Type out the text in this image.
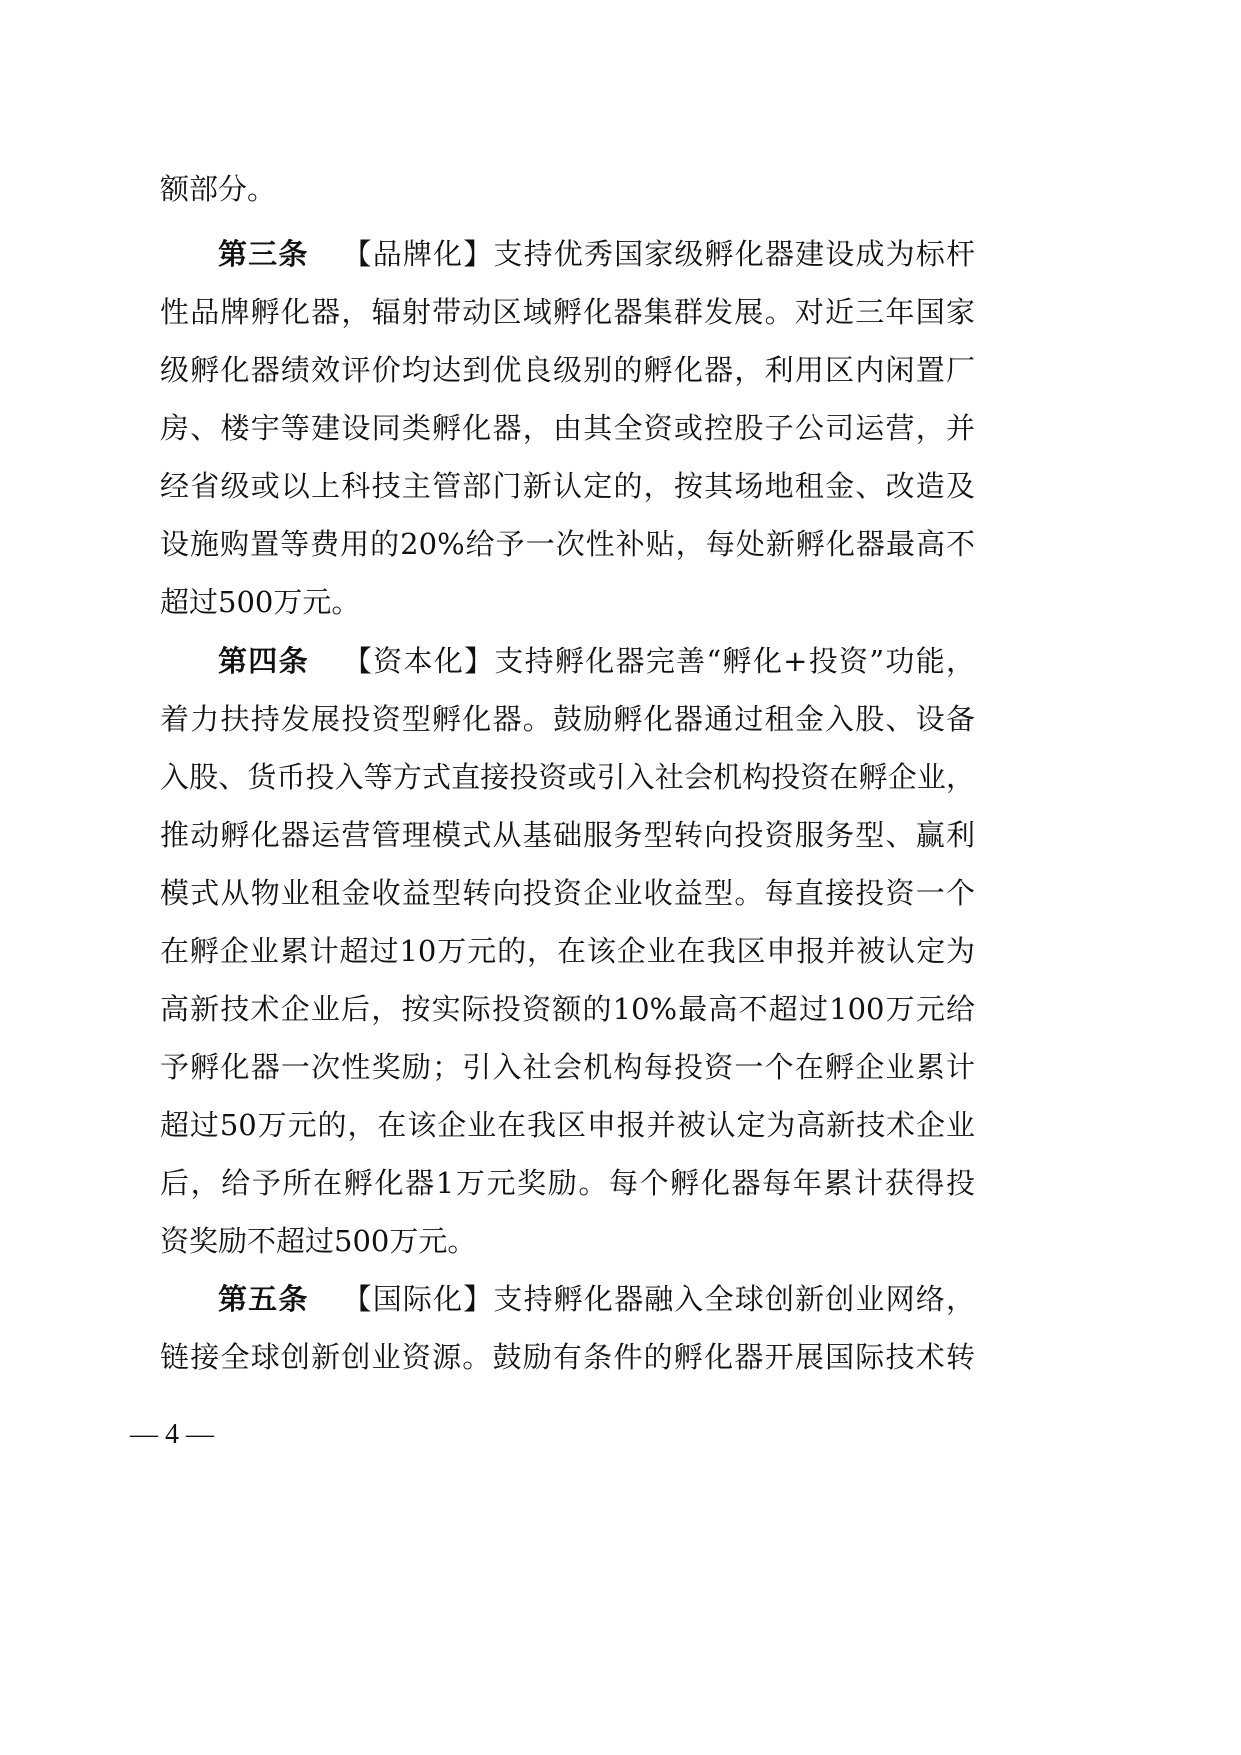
额部分。
第三条 【品牌化】支持优秀国家级孵化器建设成为标杆
性品牌孵化器，辐射带动区域孵化器集群发展。对近三年国家
级孵化器绩效评价均达到优良级别的孵化器，利用区内闲置厂
房、楼宇等建设同类孵化器，由其全资或控股子公司运营，并
经省级或以上科技主管部门新认定的，按其场地租金、改造及
设施购置等费用的20%给予一次性补贴，每处新孵化器最高不
超过500万元。
第四条 【资本化】支持孵化器完善“孵化+投资”功能，
着力扶持发展投资型孵化器。鼓励孵化器通过租金入股、设备
入股、货币投入等方式直接投资或引入社会机构投资在孵企业，
推动孵化器运营管理模式从基础服务型转向投资服务型、赢利
模式从物业租金收益型转向投资企业收益型。每直接投资一个
在孵企业累计超过10万元的，在该企业在我区申报并被认定为
高新技术企业后，按实际投资额的10%最高不超过100万元给
予孵化器一次性奖励；引入社会机构每投资一个在孵企业累计
超过50万元的，在该企业在我区申报并被认定为高新技术企业
后，给予所在孵化器1万元奖励。每个孵化器每年累计获得投
资奖励不超过500万元。
第五条 【国际化】支持孵化器融入全球创新创业网络，
链接全球创新创业资源。鼓励有条件的孵化器开展国际技术转
— 4 —
